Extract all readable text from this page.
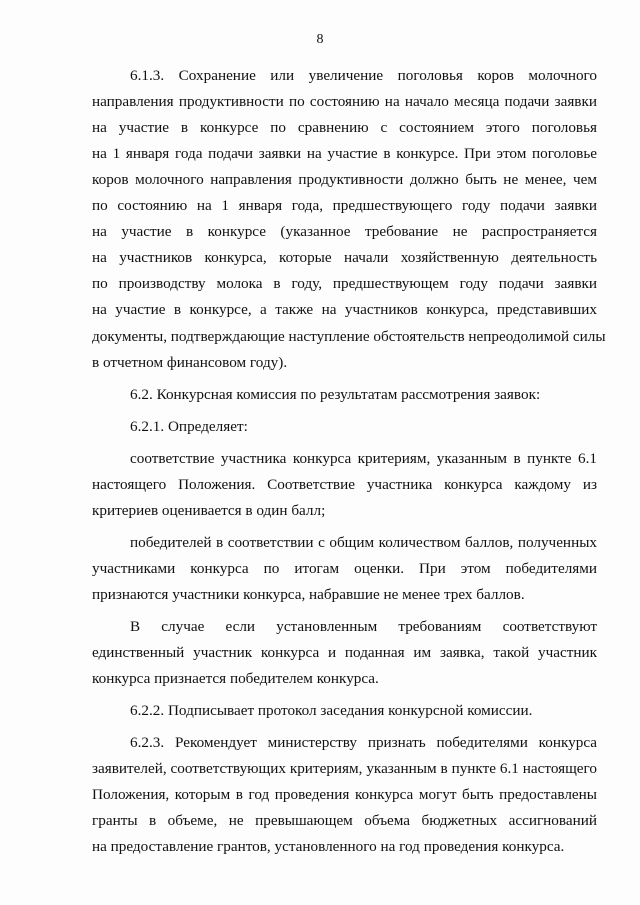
8

6.1.3. Сохранение или увеличение поголовья коров молочного

направления продуктивности по состоянию на начало месяца подачи заявки

на участие в конкурсе по сравнению с состоянием этого поголовья

на 1 января года подачи заявки на участие в конкурсе. При этом поголовье

коров молочного направления продуктивности должно быть не менее, чем

по состоянию на 1 января года, предшествующего году подачи заявки

на участие в конкурсе (указанное требование не распространяется

на участников конкурса, которые начали хозяйственную деятельность

по производству молока в году, предшествующем году подачи заявки

на участие в конкурсе, а также на участников конкурса, представивших

документы, подтверждающие наступление обстоятельств непреодолимой силы

в отчетном финансовом году).

6.2. Конкурсная комиссия по результатам рассмотрения заявок:

6.2.1. Определяет:

соответствие участника конкурса критериям, указанным в пункте 6.1

настоящего Положения. Соответствие участника конкурса каждому из

критериев оценивается в один балл;

победителей в соответствии с общим количеством баллов, полученных

участниками конкурса по итогам оценки. При этом победителями

признаются участники конкурса, набравшие не менее трех баллов.

В случае если установленным требованиям соответствуют

единственный участник конкурса и поданная им заявка, такой участник

конкурса признается победителем конкурса.

6.2.2. Подписывает протокол заседания конкурсной комиссии.

6.2.3. Рекомендует министерству признать победителями конкурса

заявителей, соответствующих критериям, указанным в пункте 6.1 настоящего

Положения, которым в год проведения конкурса могут быть предоставлены

гранты в объеме, не превышающем объема бюджетных ассигнований

на предоставление грантов, установленного на год проведения конкурса.
